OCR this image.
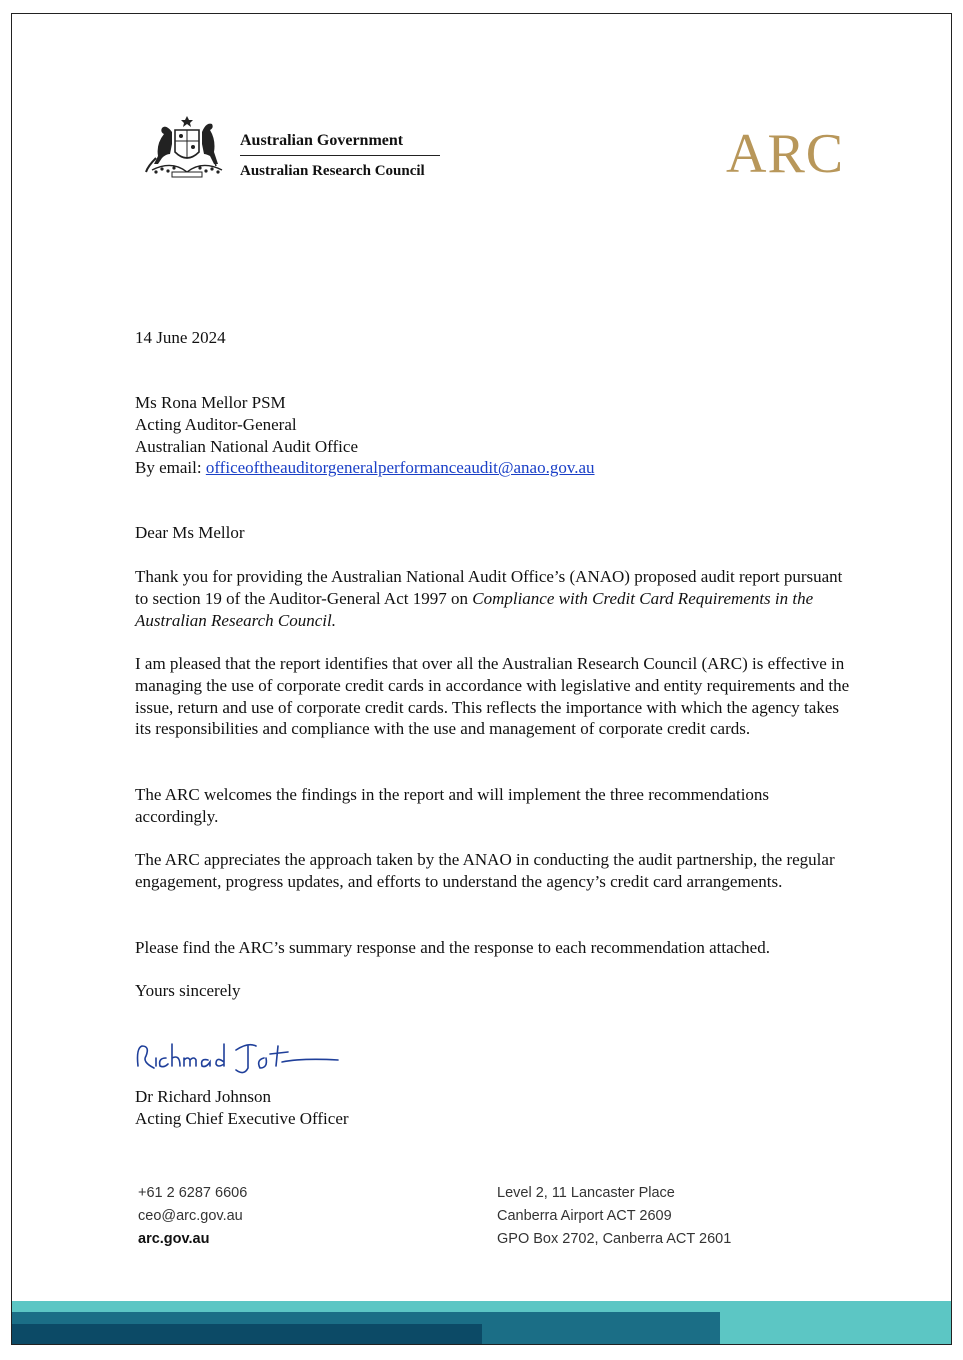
Australian Government
Australian Research Council	ARC
14 June 2024

Ms Rona Mellor PSM

Acting Auditor-General

Australian National Audit Office

By email: officeoftheauditorgeneralperformanceaudit@anao.gov.au

Dear Ms Mellor

Thank you for providing the Australian National Audit Office’s (ANAO) proposed audit report pursuant to section 19 of the Auditor-General Act 1997 on Compliance with Credit Card Requirements in the Australian Research Council.

I am pleased that the report identifies that over all the Australian Research Council (ARC) is effective in managing the use of corporate credit cards in accordance with legislative and entity requirements and the issue, return and use of corporate credit cards. This reflects the importance with which the agency takes its responsibilities and compliance with the use and management of corporate credit cards.
The ARC welcomes the findings in the report and will implement the three recommendations accordingly.
The ARC appreciates the approach taken by the ANAO in conducting the audit partnership, the regular engagement, progress updates, and efforts to understand the agency’s credit card arrangements.
Please find the ARC’s summary response and the response to each recommendation attached.
Yours sincerely

Dr Richard Johnson

Acting Chief Executive Officer

+61 2 6287 6606
ceo@arc.gov.au
arc.gov.au
Level 2, 11 Lancaster Place
Canberra Airport ACT 2609
GPO Box 2702, Canberra ACT 2601
